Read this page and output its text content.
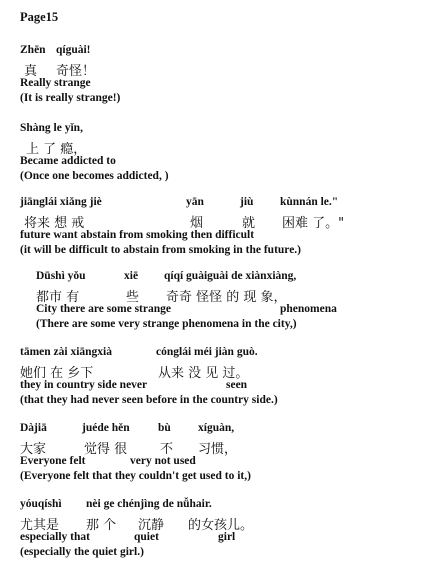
Page15
Zhēn qíguài!
真 奇怪！
Really strange
(It is really strange!)
Shàng le yǐn,
上 了 瘾，
Became addicted to
(Once one becomes addicted, )
jiānglái xiǎng jiè	yān	jiù kùnnán le."
将来 想 戒	烟	就 困难 了。"
future want abstain from smoking then difficult
(it will be difficult to abstain from smoking in the future.)
Dūshì yǒu	xiē qíqí guàiguài de xiànxiàng,
都市 有	些 奇奇 怪怪 的 现 象，
City there are some strange	phenomena
(There are some very strange phenomena in the city,)
tāmen zài xiāngxià	cónglái méi jiàn guò.
她们 在 乡下	从来 没 见 过。
they in country side never	seen
(that they had never seen before in the country side.)
Dàjiā	juéde hěn bù xíguàn,
大家	觉得 很	不 习惯，
Everyone felt	very not used
(Everyone felt that they couldn't get used to it,)
yóuqíshì nèi ge chénjìng de nǚhair.
尤其是 那 个 沉静 的女孩儿。
especially that	quiet	girl
(especially the quiet girl.)
